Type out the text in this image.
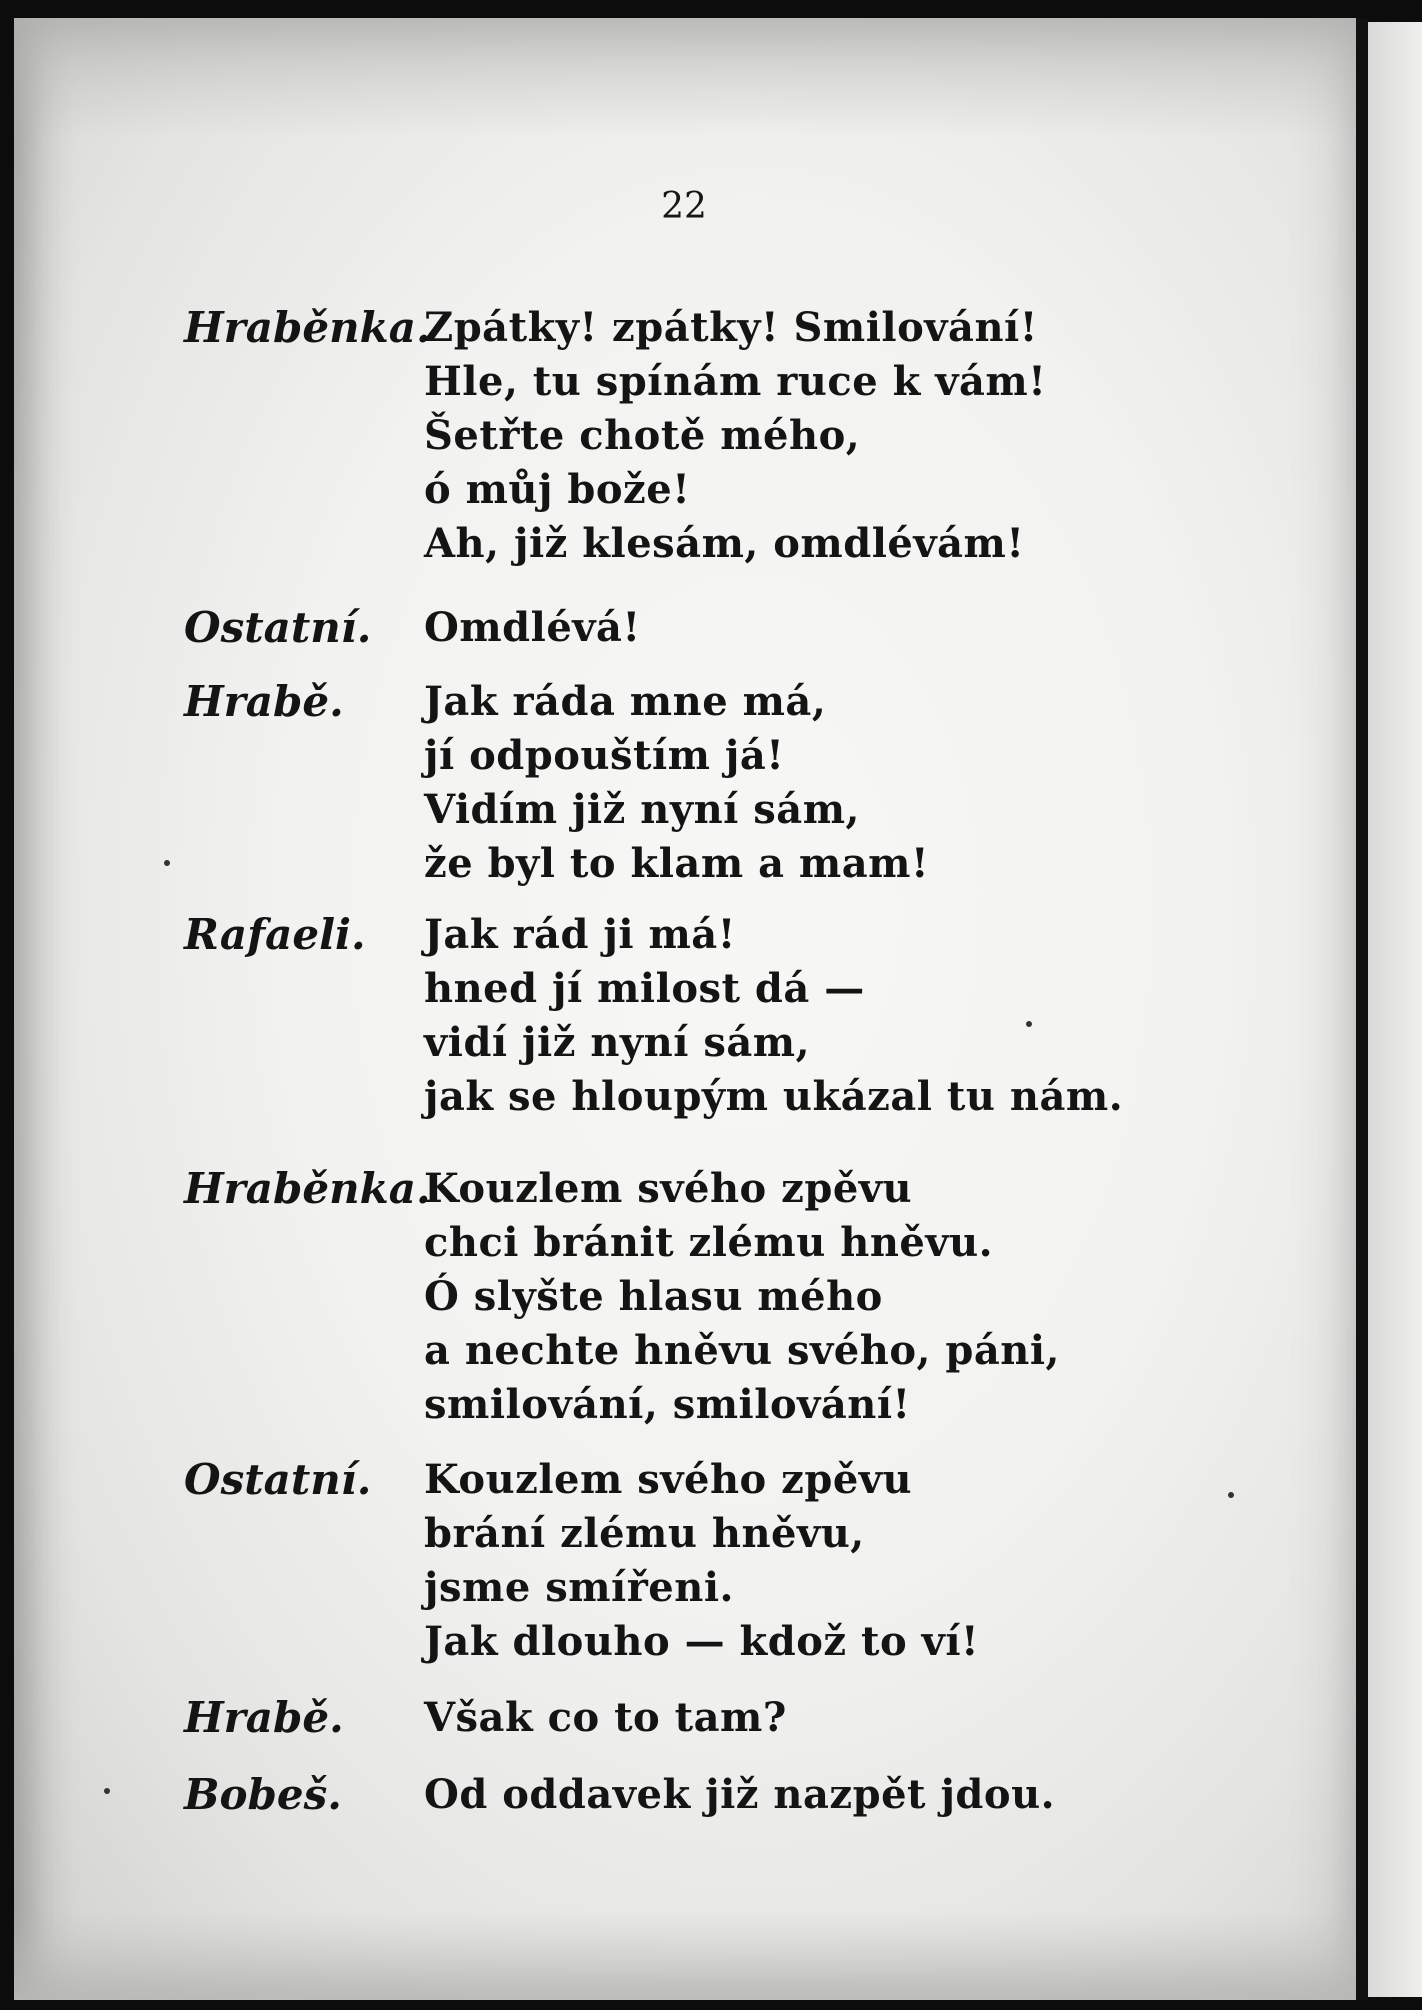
22
Hraběnka.
Zpátky! zpátky! Smilování!
Hle, tu spínám ruce k vám!
Šetřte chotě mého,
ó můj bože!
Ah, již klesám, omdlévám!
Ostatní. Omdlévá!
Hrabě. Jak ráda mne má,
jí odpouštím já!
Vidím již nyní sám,
že byl to klam a mam!
Rafaeli. Jak rád ji má!
hned jí milost dá —
vidí již nyní sám,
jak se hloupým ukázal tu nám.
Hraběnka.
Kouzlem svého zpěvu
chci bránit zlému hněvu.
Ó slyšte hlasu mého
a nechte hněvu svého, páni,
smilování, smilování!
Ostatní. Kouzlem svého zpěvu
brání zlému hněvu,
jsme smířeni.
Jak dlouho — kdož to ví!
Hrabě. Však co to tam?
Bobeš. Od oddavek již nazpět jdou.
